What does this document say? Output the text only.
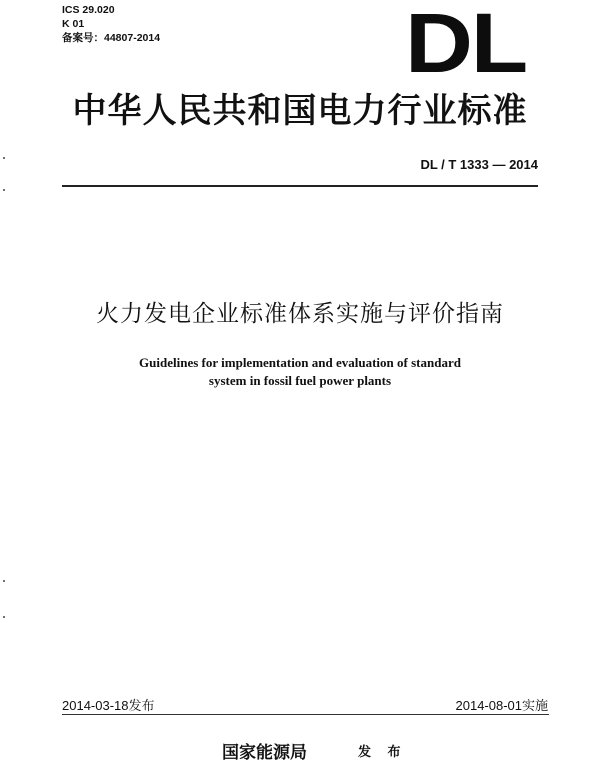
ICS 29.020
K 01
备案号：44807-2014	DL
中华人民共和国电力行业标准
DL / T 1333 — 2014
火力发电企业标准体系实施与评价指南
Guidelines for implementation and evaluation of standard
system in fossil fuel power plants
2014-03-18发布	2014-08-01实施
国家能源局	发 布
